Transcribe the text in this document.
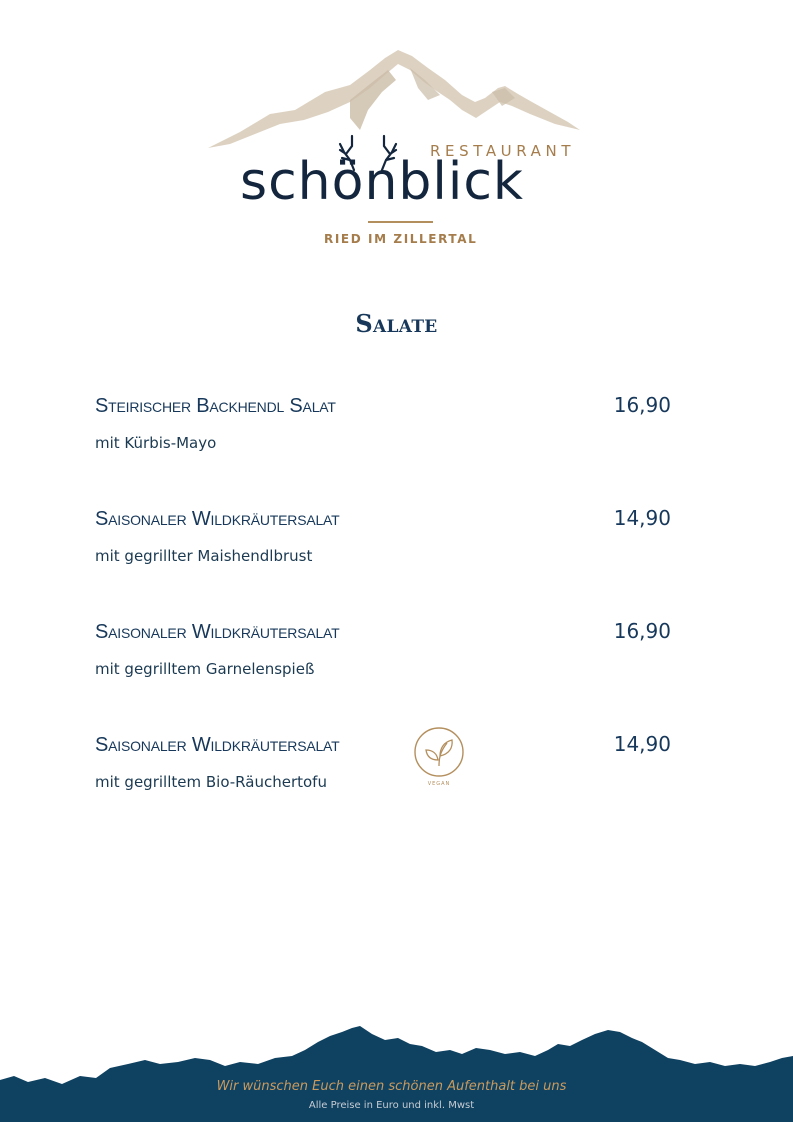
RESTAURANT
schönblick
RIED IM ZILLERTAL
Salate
Steirischer Backhendl Salat	16,90
mit Kürbis-Mayo
Saisonaler Wildkräutersalat	14,90
mit gegrillter Maishendlbrust
Saisonaler Wildkräutersalat	16,90
mit gegrilltem Garnelenspieß
Saisonaler Wildkräutersalat	14,90
mit gegrilltem Bio-Räuchertofu	VEGAN
Wir wünschen Euch einen schönen Aufenthalt bei uns
Alle Preise in Euro und inkl. Mwst
